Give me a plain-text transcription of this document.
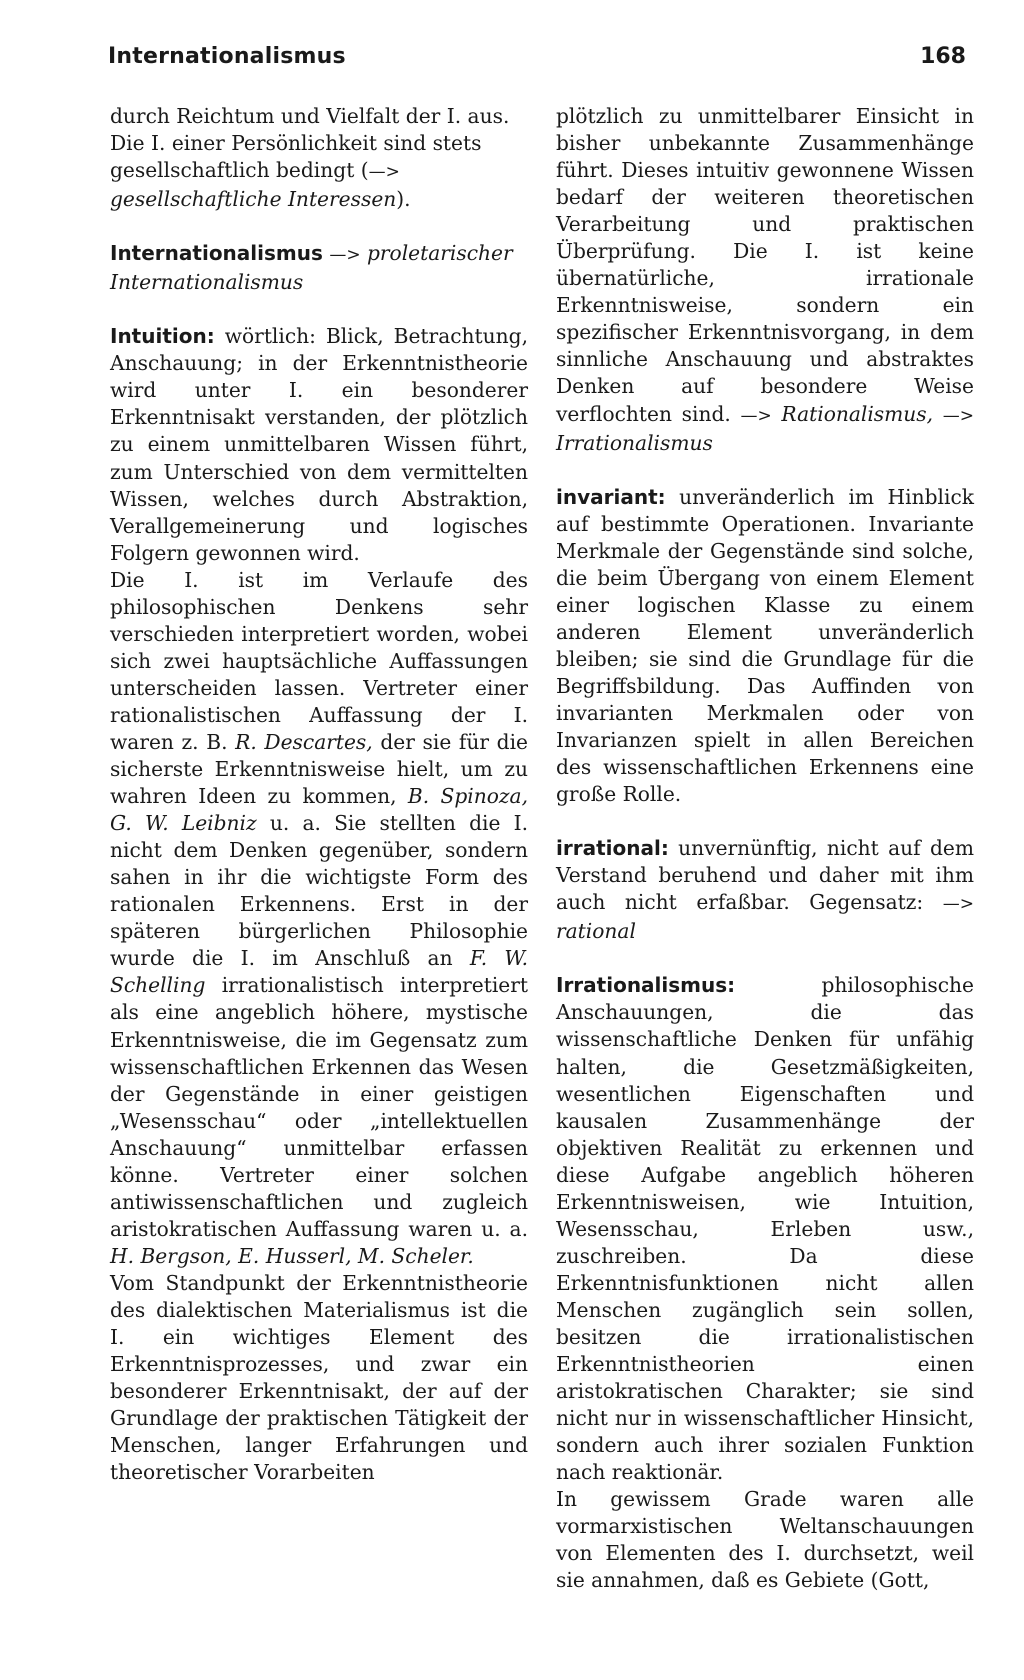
Internationalismus	168

durch Reichtum und Vielfalt der I. aus.

Die I. einer Persönlichkeit sind stets gesellschaftlich bedingt (—> gesellschaftliche Interessen).

Internationalismus —> proletarischer Internationalismus

Intuition: wörtlich: Blick, Betrachtung, Anschauung; in der Erkenntnistheorie wird unter I. ein besonderer Erkenntnisakt verstanden, der plötzlich zu einem unmittelbaren Wissen führt, zum Unterschied von dem vermittelten Wissen, welches durch Abstraktion, Verallgemeinerung und logisches Folgern gewonnen wird.

Die I. ist im Verlaufe des philosophischen Denkens sehr verschieden interpretiert worden, wobei sich zwei hauptsächliche Auffassungen unterscheiden lassen. Vertreter einer rationalistischen Auffassung der I. waren z. B. R. Descartes, der sie für die sicherste Erkenntnisweise hielt, um zu wahren Ideen zu kommen, B. Spinoza, G. W. Leibniz u. a. Sie stellten die I. nicht dem Denken gegenüber, sondern sahen in ihr die wichtigste Form des rationalen Erkennens. Erst in der späteren bürgerlichen Philosophie wurde die I. im Anschluß an F. W. Schelling irrationalistisch interpretiert als eine angeblich höhere, mystische Erkenntnisweise, die im Gegensatz zum wissenschaftlichen Erkennen das Wesen der Gegenstände in einer geistigen „Wesensschau“ oder „intellektuellen Anschauung“ unmittelbar erfassen könne. Vertreter einer solchen antiwissenschaftlichen und zugleich aristokratischen Auffassung waren u. a. H. Bergson, E. Husserl, M. Scheler.

Vom Standpunkt der Erkenntnistheorie des dialektischen Materialismus ist die I. ein wichtiges Element des Erkenntnisprozesses, und zwar ein besonderer Erkenntnisakt, der auf der Grundlage der praktischen Tätigkeit der Menschen, langer Erfahrungen und theoretischer Vorarbeiten

plötzlich zu unmittelbarer Einsicht in bisher unbekannte Zusammenhänge führt. Dieses intuitiv gewonnene Wissen bedarf der weiteren theoretischen Verarbeitung und praktischen Überprüfung. Die I. ist keine übernatürliche, irrationale Erkenntnisweise, sondern ein spezifischer Erkenntnisvorgang, in dem sinnliche Anschauung und abstraktes Denken auf besondere Weise verflochten sind. —> Rationalismus, —> Irrationalismus

invariant: unveränderlich im Hinblick auf bestimmte Operationen. Invariante Merkmale der Gegenstände sind solche, die beim Übergang von einem Element einer logischen Klasse zu einem anderen Element unveränderlich bleiben; sie sind die Grundlage für die Begriffsbildung. Das Auffinden von invarianten Merkmalen oder von Invarianzen spielt in allen Bereichen des wissenschaftlichen Erkennens eine große Rolle.

irrational: unvernünftig, nicht auf dem Verstand beruhend und daher mit ihm auch nicht erfaßbar. Gegensatz: —> rational

Irrationalismus:	philosophische Anschauungen, die das wissenschaftliche Denken für unfähig halten, die Gesetzmäßigkeiten, wesentlichen Eigenschaften und kausalen Zusammenhänge der objektiven Realität zu erkennen und diese Aufgabe angeblich höheren Erkenntnisweisen, wie Intuition, Wesensschau, Erleben usw., zuschreiben. Da diese Erkenntnisfunktionen nicht allen Menschen zugänglich sein sollen, besitzen die irrationalistischen Erkenntnistheorien einen aristokratischen Charakter; sie sind nicht nur in wissenschaftlicher Hinsicht, sondern auch ihrer sozialen Funktion nach reaktionär.

In gewissem Grade waren alle vormarxistischen Weltanschauungen von Elementen des I. durchsetzt, weil sie annahmen, daß es Gebiete (Gott,
